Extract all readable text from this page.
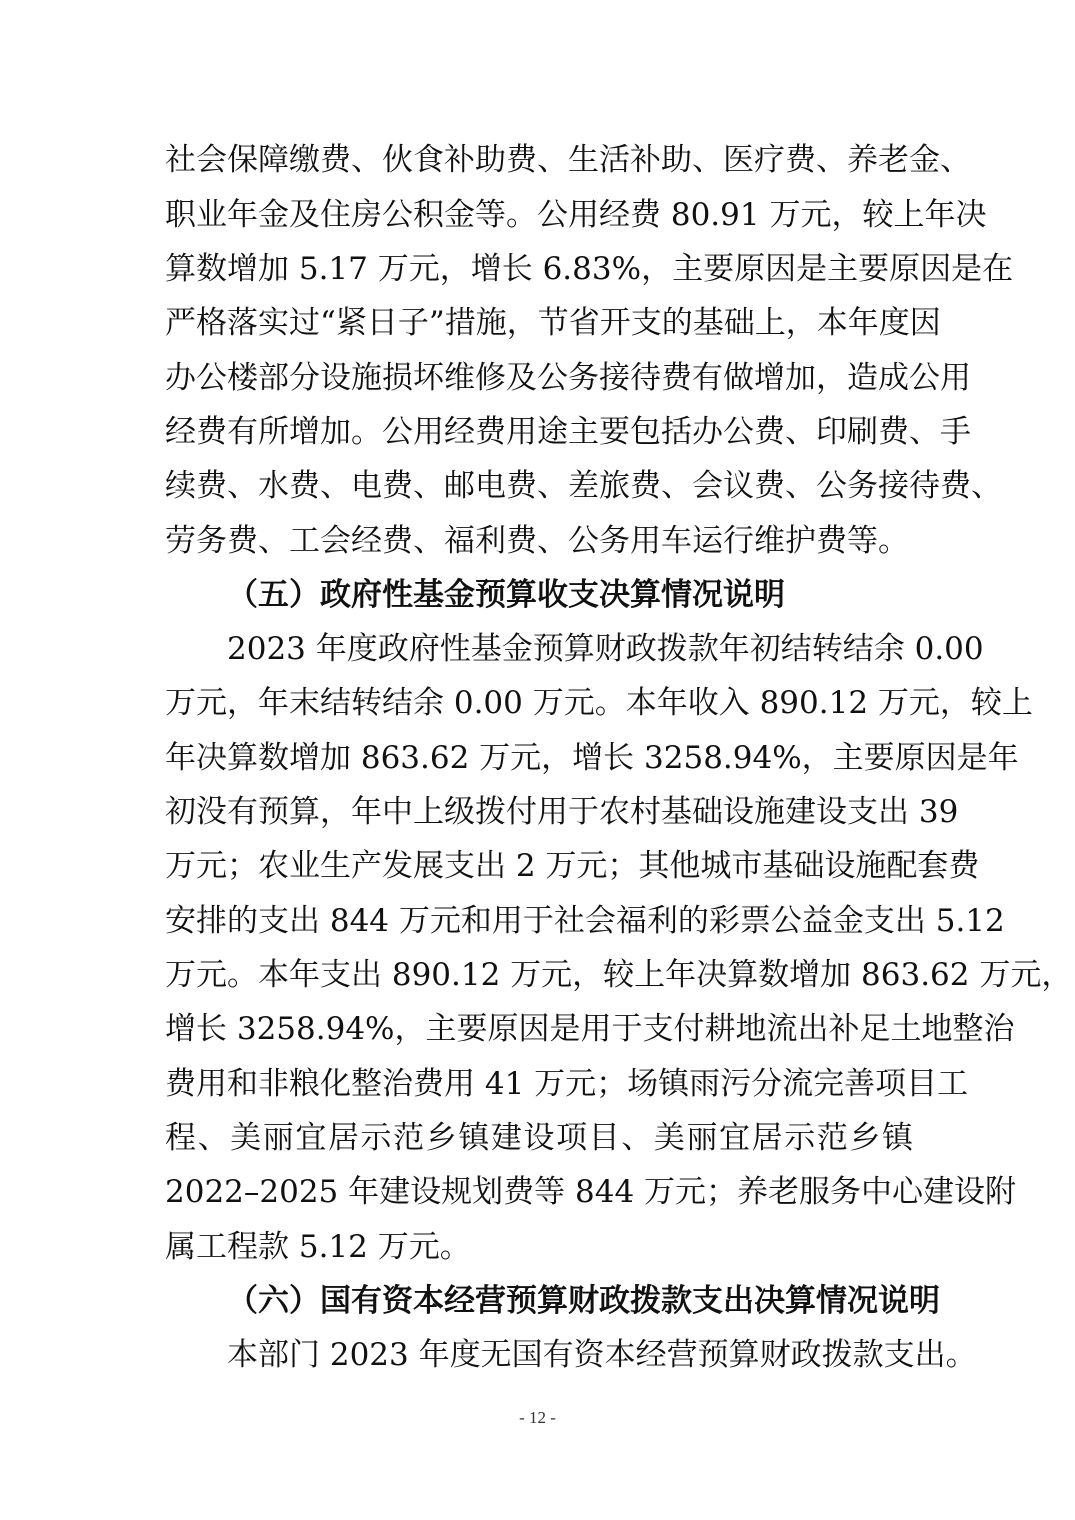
社会保障缴费、伙食补助费、生活补助、医疗费、养老金、
职业年金及住房公积金等。公用经费 80.91 万元，较上年决
算数增加 5.17 万元，增长 6.83%，主要原因是主要原因是在
严格落实过“紧日子”措施，节省开支的基础上，本年度因
办公楼部分设施损坏维修及公务接待费有做增加，造成公用
经费有所增加。公用经费用途主要包括办公费、印刷费、手
续费、水费、电费、邮电费、差旅费、会议费、公务接待费、
劳务费、工会经费、福利费、公务用车运行维护费等。
（五）政府性基金预算收支决算情况说明
2023 年度政府性基金预算财政拨款年初结转结余 0.00
万元，年末结转结余 0.00 万元。本年收入 890.12 万元，较上
年决算数增加 863.62 万元，增长 3258.94%，主要原因是年
初没有预算，年中上级拨付用于农村基础设施建设支出 39
万元；农业生产发展支出 2 万元；其他城市基础设施配套费
安排的支出 844 万元和用于社会福利的彩票公益金支出 5.12
万元。本年支出 890.12 万元，较上年决算数增加 863.62 万元，
增长 3258.94%，主要原因是用于支付耕地流出补足土地整治
费用和非粮化整治费用 41 万元；场镇雨污分流完善项目工
程、美丽宜居示范乡镇建设项目、美丽宜居示范乡镇
2022–2025 年建设规划费等 844 万元；养老服务中心建设附
属工程款 5.12 万元。
（六）国有资本经营预算财政拨款支出决算情况说明
本部门 2023 年度无国有资本经营预算财政拨款支出。
- 12 -
